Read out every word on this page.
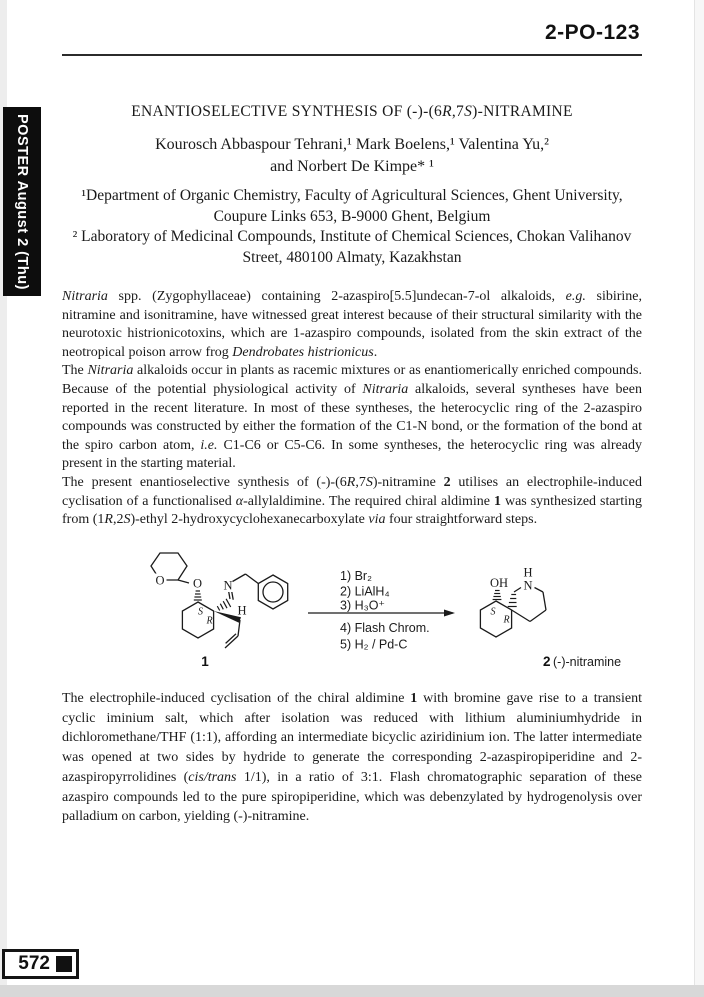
2-PO-123
POSTER August 2 (Thu)
ENANTIOSELECTIVE SYNTHESIS OF (-)-(6R,7S)-NITRAMINE
Kourosch Abbaspour Tehrani,¹ Mark Boelens,¹ Valentina Yu,²
and Norbert De Kimpe* ¹
¹Department of Organic Chemistry, Faculty of Agricultural Sciences, Ghent University,
Coupure Links 653, B-9000 Ghent, Belgium
² Laboratory of Medicinal Compounds, Institute of Chemical Sciences, Chokan Valihanov
Street, 480100 Almaty, Kazakhstan

Nitraria spp. (Zygophyllaceae) containing 2-azaspiro[5.5]undecan-7-ol alkaloids, e.g. sibirine, nitramine and isonitramine, have witnessed great interest because of their structural similarity with the neurotoxic histrionicotoxins, which are 1-azaspiro compounds, isolated from the skin extract of the neotropical poison arrow frog Dendrobates histrionicus.

The Nitraria alkaloids occur in plants as racemic mixtures or as enantiomerically enriched compounds. Because of the potential physiological activity of Nitraria alkaloids, several syntheses have been reported in the recent literature. In most of these syntheses, the heterocyclic ring of the 2-azaspiro compounds was constructed by either the formation of the C1-N bond, or the formation of the bond at the spiro carbon atom, i.e. C1-C6 or C5-C6. In some syntheses, the heterocyclic ring was already present in the starting material.

The present enantioselective synthesis of (-)-(6R,7S)-nitramine 2 utilises an electrophile-induced cyclisation of a functionalised α-allylaldimine. The required chiral aldimine 1 was synthesized starting from (1R,2S)-ethyl 2-hydroxycyclohexanecarboxylate via four straightforward steps.

O O
S
R
H
N
1
1) Br₂
2) LiAlH₄
3) H₃O⁺
4) Flash Chrom.
5) H₂ / Pd-C
S
R
OH N
H
2 (-)-nitramine

The electrophile-induced cyclisation of the chiral aldimine 1 with bromine gave rise to a transient cyclic iminium salt, which after isolation was reduced with lithium aluminiumhydride in dichloromethane/THF (1:1), affording an intermediate bicyclic aziridinium ion. The latter intermediate was opened at two sides by hydride to generate the corresponding 2-azaspiropiperidine and 2-azaspiropyrrolidines (cis/trans 1/1), in a ratio of 3:1. Flash chromatographic separation of these azaspiro compounds led to the pure spiropiperidine, which was debenzylated by hydrogenolysis over palladium on carbon, yielding (-)-nitramine.

572
